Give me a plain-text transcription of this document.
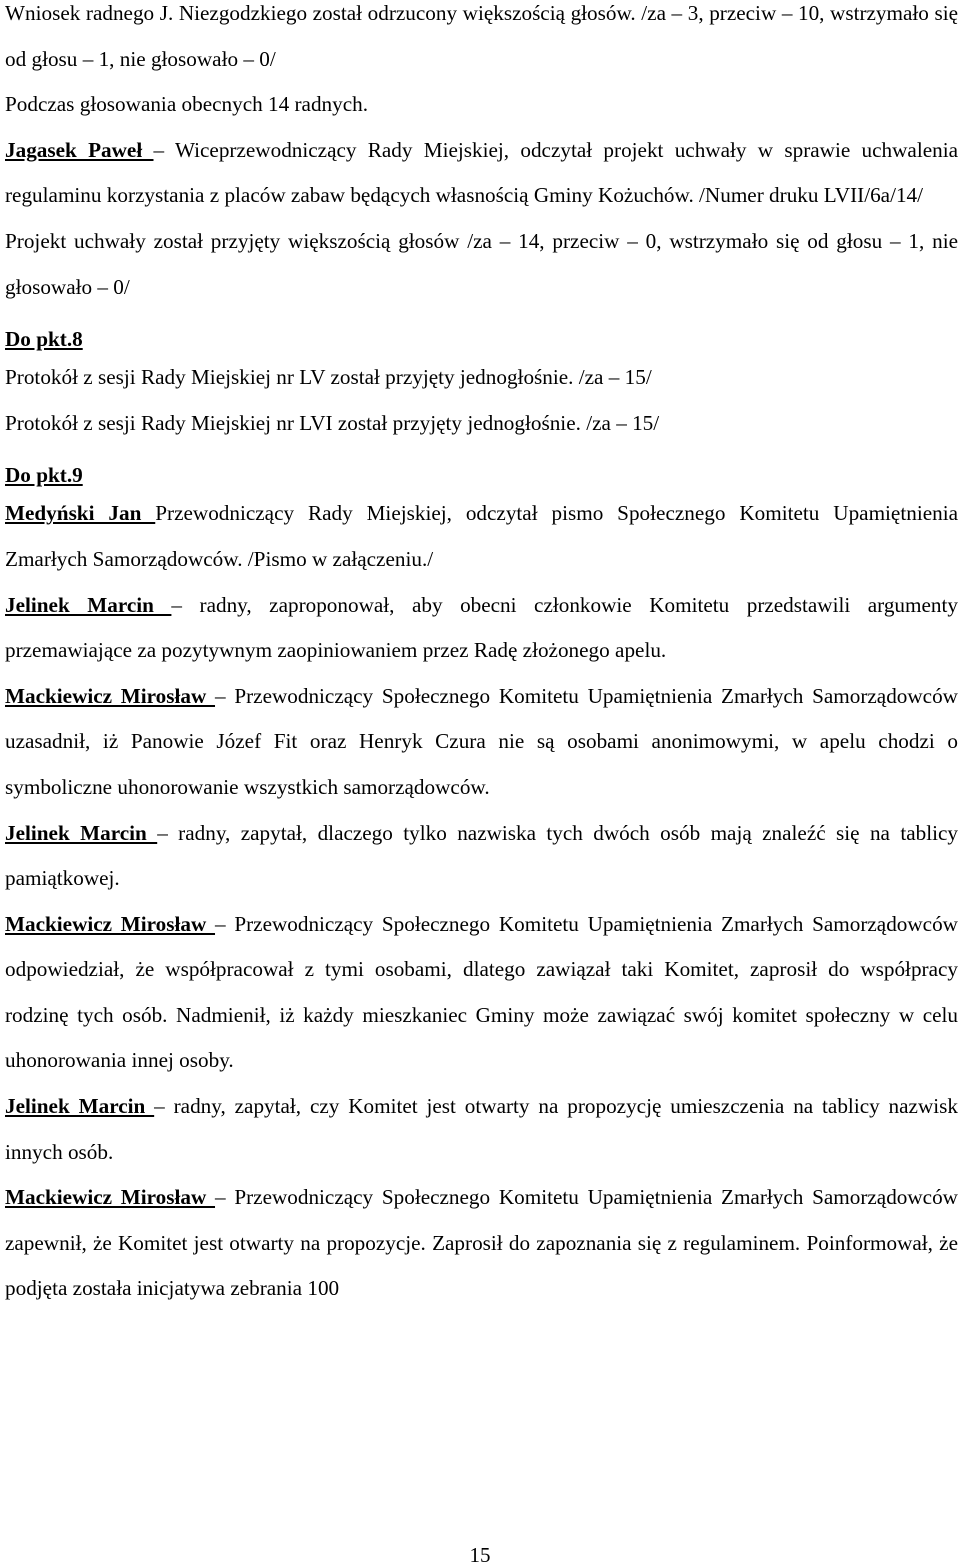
Wniosek radnego J. Niezgodzkiego został odrzucony większością głosów. /za – 3, przeciw – 10, wstrzymało się od głosu – 1, nie głosowało – 0/

Podczas głosowania obecnych 14 radnych.

Jagasek Paweł – Wiceprzewodniczący Rady Miejskiej, odczytał projekt uchwały w sprawie uchwalenia regulaminu korzystania z placów zabaw będących własnością Gminy Kożuchów. /Numer druku LVII/6a/14/

Projekt uchwały został przyjęty większością głosów /za – 14, przeciw – 0, wstrzymało się od głosu – 1, nie głosowało – 0/

Do pkt.8

Protokół z sesji Rady Miejskiej nr LV został przyjęty jednogłośnie. /za – 15/

Protokół z sesji Rady Miejskiej nr LVI został przyjęty jednogłośnie. /za – 15/

Do pkt.9

Medyński Jan Przewodniczący Rady Miejskiej, odczytał pismo Społecznego Komitetu Upamiętnienia Zmarłych Samorządowców. /Pismo w załączeniu./

Jelinek Marcin – radny, zaproponował, aby obecni członkowie Komitetu przedstawili argumenty przemawiające za pozytywnym zaopiniowaniem przez Radę złożonego apelu.

Mackiewicz Mirosław – Przewodniczący Społecznego Komitetu Upamiętnienia Zmarłych Samorządowców uzasadnił, iż Panowie Józef Fit oraz Henryk Czura nie są osobami anonimowymi, w apelu chodzi o symboliczne uhonorowanie wszystkich samorządowców.

Jelinek Marcin – radny, zapytał, dlaczego tylko nazwiska tych dwóch osób mają znaleźć się na tablicy pamiątkowej.

Mackiewicz Mirosław – Przewodniczący Społecznego Komitetu Upamiętnienia Zmarłych Samorządowców odpowiedział, że współpracował z tymi osobami, dlatego zawiązał taki Komitet, zaprosił do współpracy rodzinę tych osób. Nadmienił, iż każdy mieszkaniec Gminy może zawiązać swój komitet społeczny w celu uhonorowania innej osoby.

Jelinek Marcin – radny, zapytał, czy Komitet jest otwarty na propozycję umieszczenia na tablicy nazwisk innych osób.

Mackiewicz Mirosław – Przewodniczący Społecznego Komitetu Upamiętnienia Zmarłych Samorządowców zapewnił, że Komitet jest otwarty na propozycje. Zaprosił do zapoznania się z regulaminem. Poinformował, że podjęta została inicjatywa zebrania 100

15
